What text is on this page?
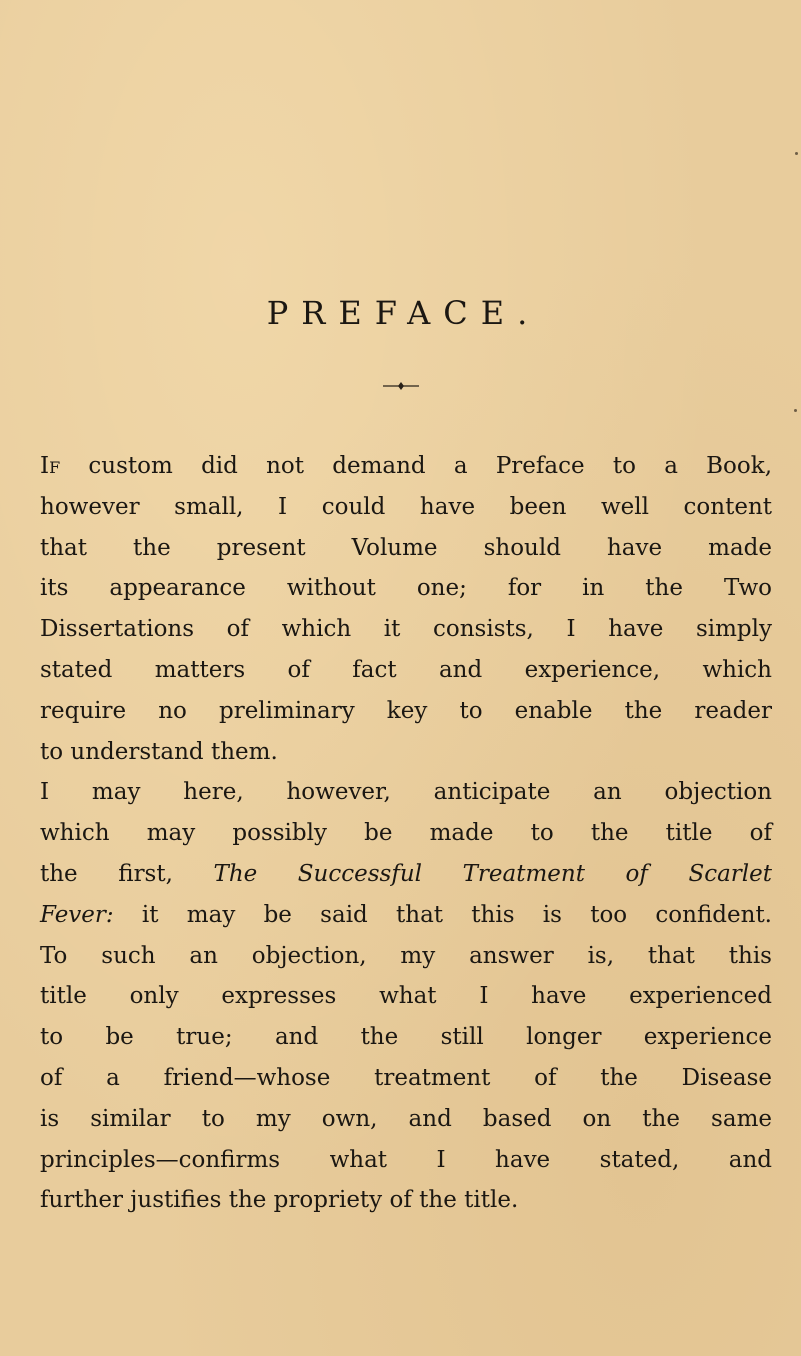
PREFACE.
If custom did not demand a Preface to a Book,
however small, I could have been well content
that the present Volume should have made
its appearance without one; for in the Two
Dissertations of which it consists, I have simply
stated matters of fact and experience, which
require no preliminary key to enable the reader
to understand them.
I may here, however, anticipate an objection
which may possibly be made to the title of
the first, The Successful Treatment of Scarlet
Fever: it may be said that this is too confident.
To such an objection, my answer is, that this
title only expresses what I have experienced
to be true; and the still longer experience
of a friend—whose treatment of the Disease
is similar to my own, and based on the same
principles—confirms what I have stated, and
further justifies the propriety of the title.
